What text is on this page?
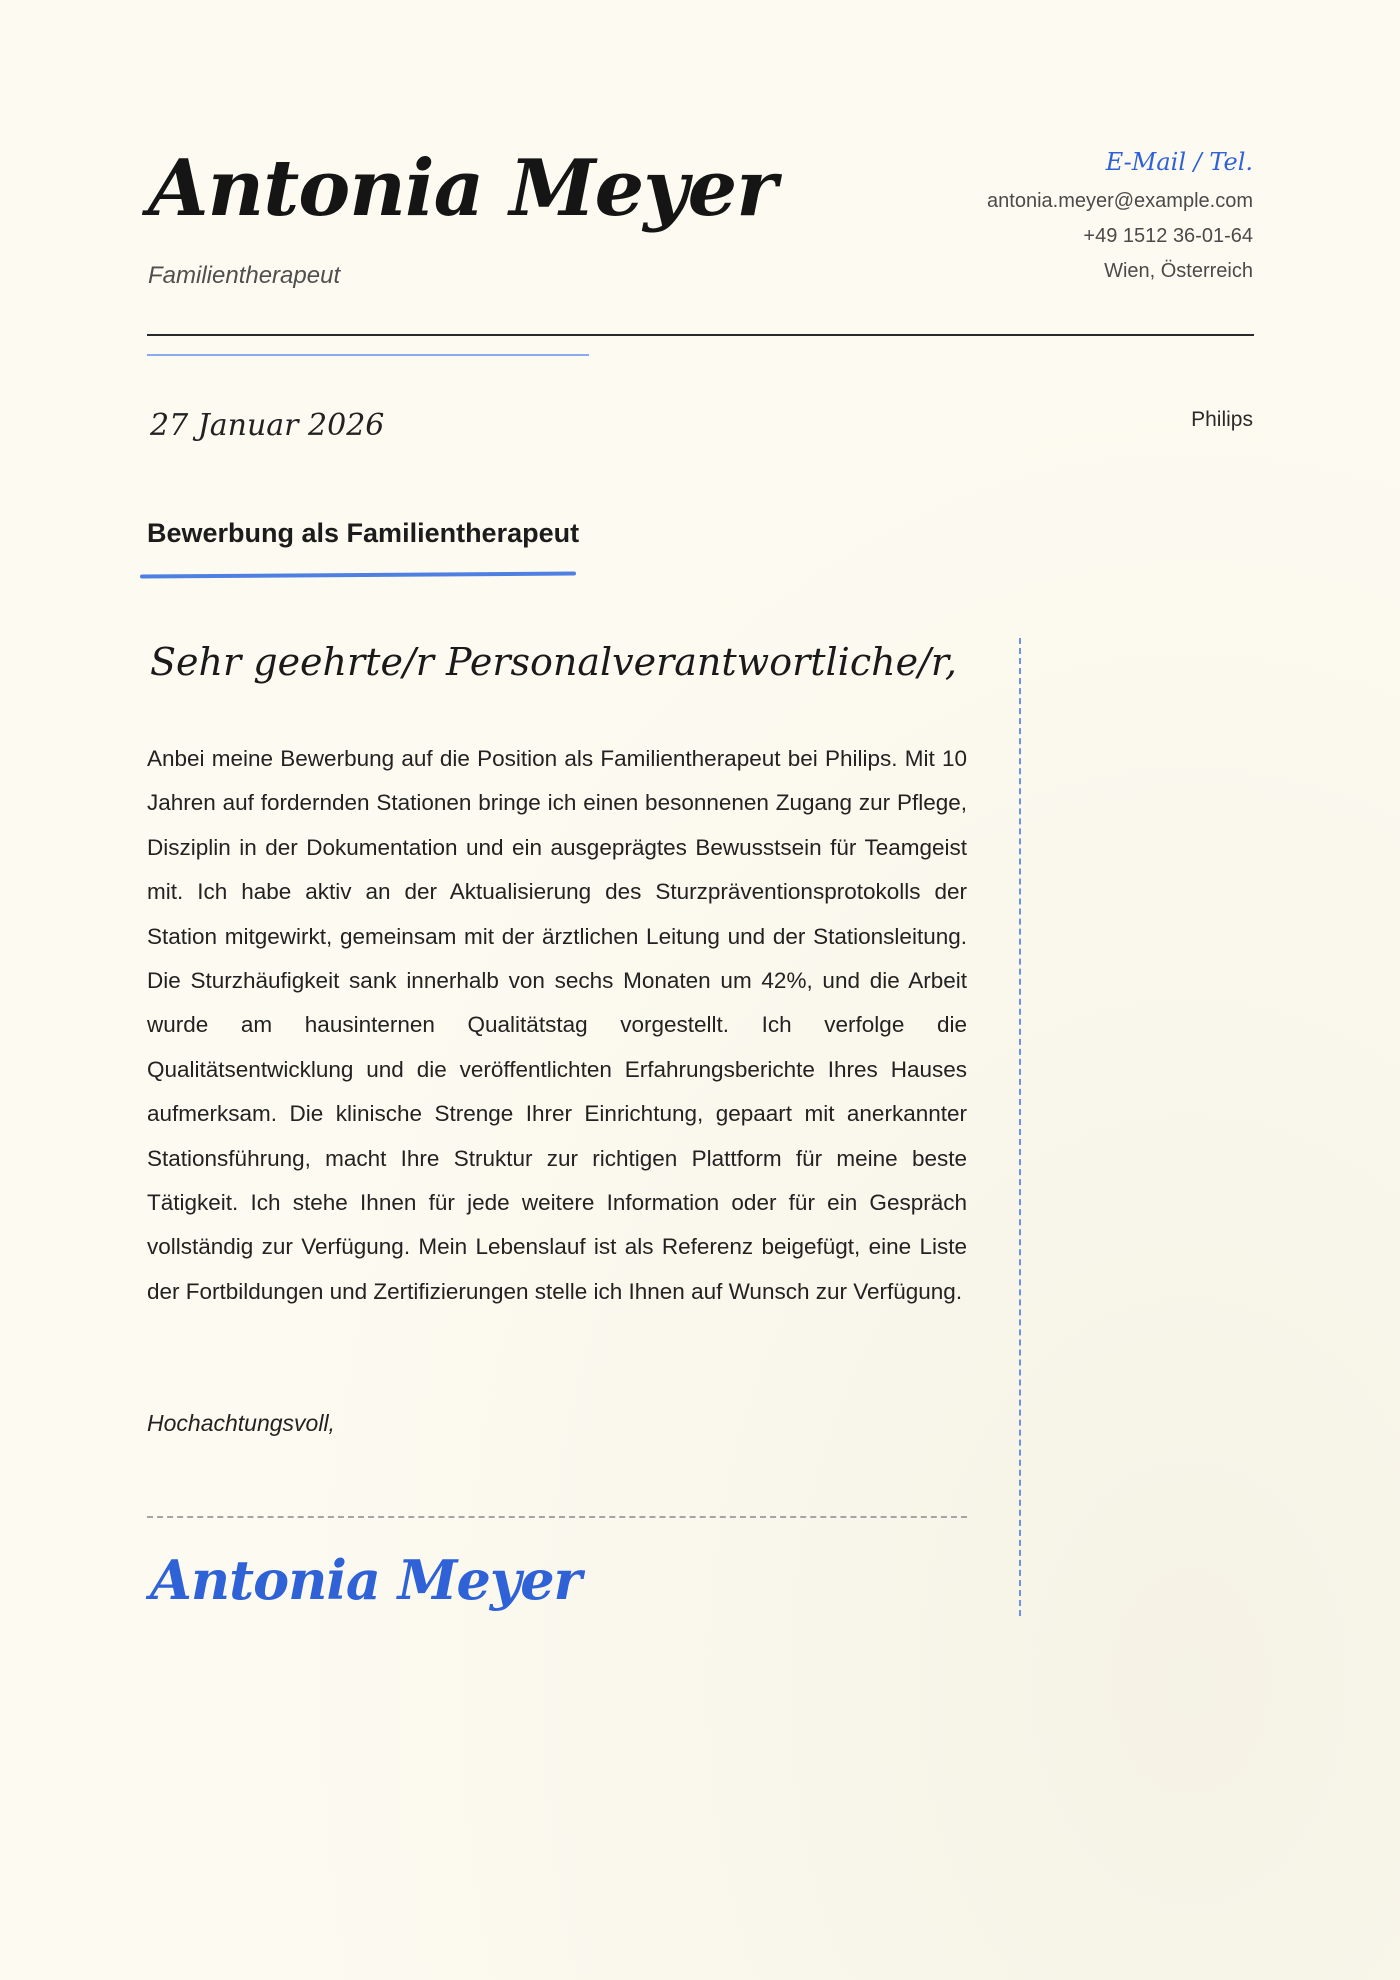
Antonia Meyer
Familientherapeut
E-Mail / Tel.
antonia.meyer@example.com
+49 1512 36-01-64
Wien, Österreich
27 Januar 2026	Philips
Bewerbung als Familientherapeut
Sehr geehrte/r Personalverantwortliche/r,
Anbei meine Bewerbung auf die Position als Familientherapeut bei Philips. Mit 10 Jahren auf fordernden Stationen bringe ich einen besonnenen Zugang zur Pflege, Disziplin in der Dokumentation und ein ausgeprägtes Bewusstsein für Teamgeist mit. Ich habe aktiv an der Aktualisierung des Sturzpräventionsprotokolls der Station mitgewirkt, gemeinsam mit der ärztlichen Leitung und der Stationsleitung. Die Sturzhäufigkeit sank innerhalb von sechs Monaten um 42%, und die Arbeit wurde am hausinternen Qualitätstag vorgestellt. Ich verfolge die Qualitätsentwicklung und die veröffentlichten Erfahrungsberichte Ihres Hauses aufmerksam. Die klinische Strenge Ihrer Einrichtung, gepaart mit anerkannter Stationsführung, macht Ihre Struktur zur richtigen Plattform für meine beste Tätigkeit. Ich stehe Ihnen für jede weitere Information oder für ein Gespräch vollständig zur Verfügung. Mein Lebenslauf ist als Referenz beigefügt, eine Liste der Fortbildungen und Zertifizierungen stelle ich Ihnen auf Wunsch zur Verfügung.
Hochachtungsvoll,
Antonia Meyer
